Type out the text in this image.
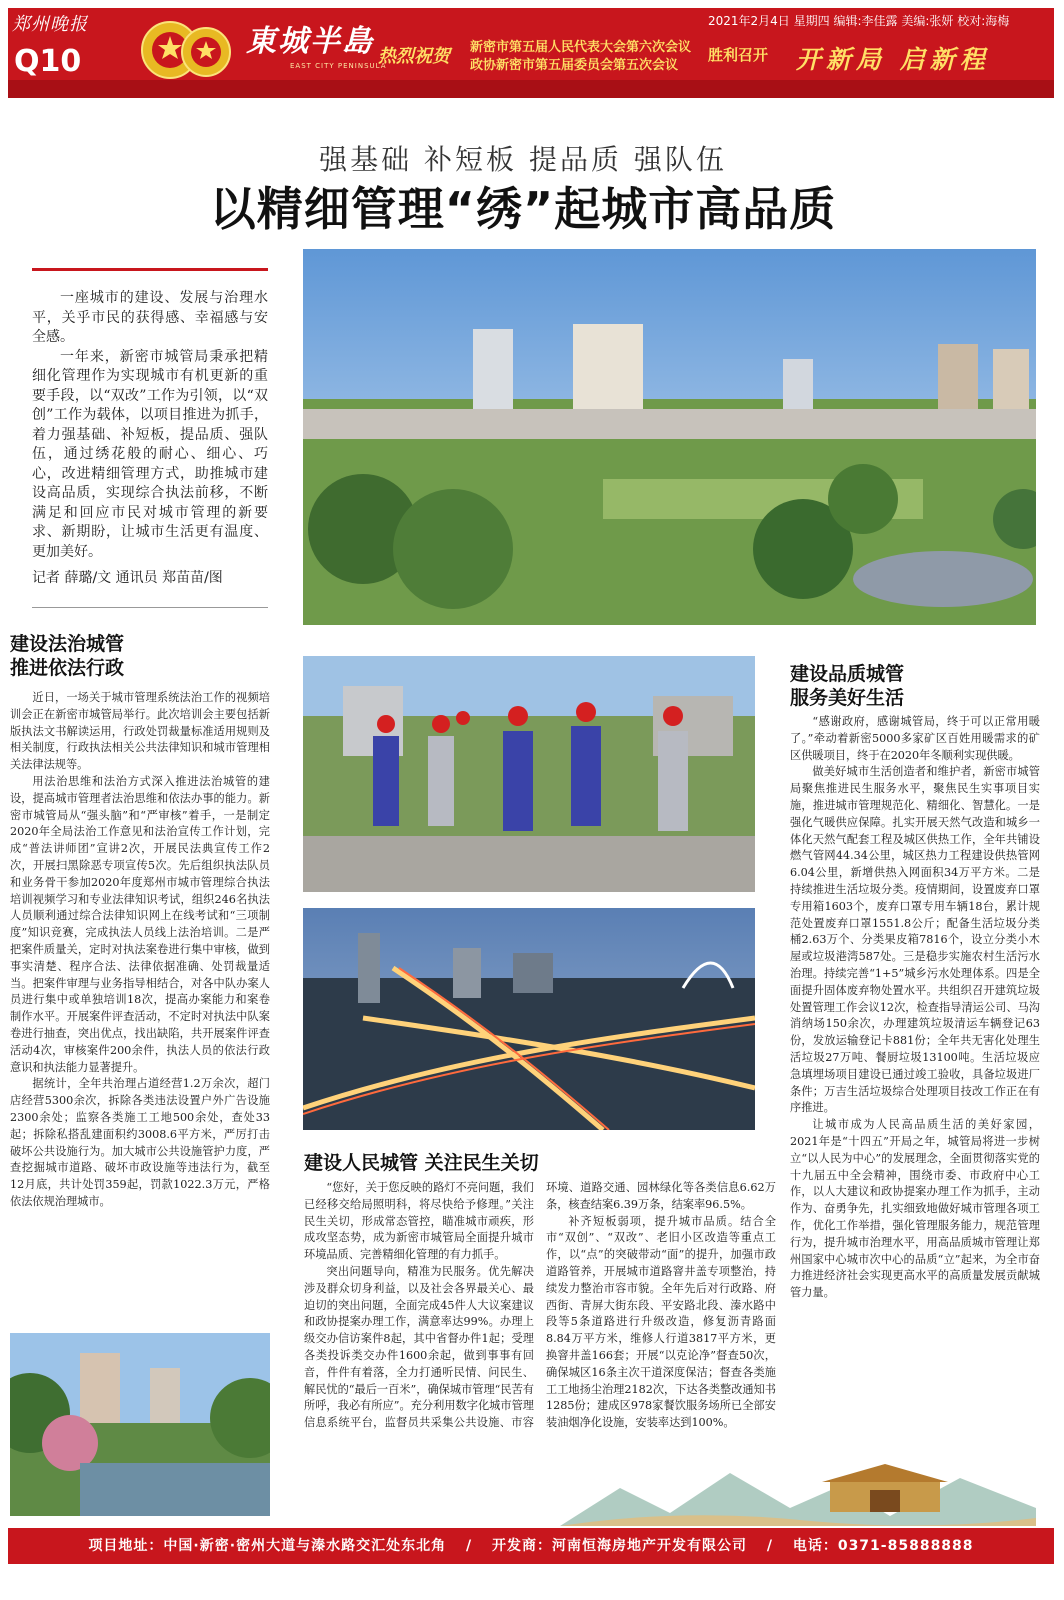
郑州晚报
Q10
東城半島
EAST CITY PENINSULA
热烈祝贺 新密市第五届人民代表大会第六次会议
政协新密市第五届委员会第五次会议
胜利召开 开新局 启新程
2021年2月4日 星期四 编辑:李佳露 美编:张妍 校对:海梅
强基础 补短板 提品质 强队伍
以精细管理“绣”起城市高品质

一座城市的建设、发展与治理水平，关乎市民的获得感、幸福感与安全感。

一年来，新密市城管局秉承把精细化管理作为实现城市有机更新的重要手段，以“双改”工作为引领，以“双创”工作为载体，以项目推进为抓手，着力强基础、补短板，提品质、强队伍，通过绣花般的耐心、细心、巧心，改进精细管理方式，助推城市建设高品质，实现综合执法前移，不断满足和回应市民对城市管理的新要求、新期盼，让城市生活更有温度、更加美好。

记者 薛璐/文 通讯员 郑苗苗/图
建设法治城管
推进依法行政

近日，一场关于城市管理系统法治工作的视频培训会正在新密市城管局举行。此次培训会主要包括新版执法文书解读运用，行政处罚裁量标准适用规则及相关制度，行政执法相关公共法律知识和城市管理相关法律法规等。

用法治思维和法治方式深入推进法治城管的建设，提高城市管理者法治思维和依法办事的能力。新密市城管局从“强头脑”和“严审核”着手，一是制定2020年全局法治工作意见和法治宣传工作计划，完成“普法讲师团”宣讲2次，开展民法典宣传工作2次，开展扫黑除恶专项宣传5次。先后组织执法队员和业务骨干参加2020年度郑州市城市管理综合执法培训视频学习和专业法律知识考试，组织246名执法人员顺利通过综合法律知识网上在线考试和“三项制度”知识竞赛，完成执法人员线上法治培训。二是严把案件质量关，定时对执法案卷进行集中审核，做到事实清楚、程序合法、法律依据准确、处罚裁量适当。把案件审理与业务指导相结合，对各中队办案人员进行集中或单独培训18次，提高办案能力和案卷制作水平。开展案件评查活动，不定时对执法中队案卷进行抽查，突出优点，找出缺陷，共开展案件评查活动4次，审核案件200余件，执法人员的依法行政意识和执法能力显著提升。

据统计，全年共治理占道经营1.2万余次，超门店经营5300余次，拆除各类违法设置户外广告设施2300余处；监察各类施工工地500余处，查处33起；拆除私搭乱建面积约3008.6平方米，严厉打击破坏公共设施行为。加大城市公共设施管护力度，严查挖掘城市道路、破坏市政设施等违法行为，截至12月底，共计处罚359起，罚款1022.3万元，严格依法依规治理城市。

建设品质城管
服务美好生活

“感谢政府，感谢城管局，终于可以正常用暖了。”牵动着新密5000多家矿区百姓用暖需求的矿区供暖项目，终于在2020年冬顺利实现供暖。

做美好城市生活创造者和维护者，新密市城管局聚焦推进民生服务水平，聚焦民生实事项目实施，推进城市管理规范化、精细化、智慧化。一是强化气暖供应保障。扎实开展天然气改造和城乡一体化天然气配套工程及城区供热工作，全年共铺设燃气管网44.34公里，城区热力工程建设供热管网6.04公里，新增供热入网面积34万平方米。二是持续推进生活垃圾分类。疫情期间，设置废弃口罩专用箱1603个，废弃口罩专用车辆18台，累计规范处置废弃口罩1551.8公斤；配备生活垃圾分类桶2.63万个、分类果皮箱7816个，设立分类小木屋或垃圾港湾587处。三是稳步实施农村生活污水治理。持续完善“1+5”城乡污水处理体系。四是全面提升固体废弃物处置水平。共组织召开建筑垃圾处置管理工作会议12次，检查指导清运公司、马沟消纳场150余次，办理建筑垃圾清运车辆登记63份，发放运输登记卡881份；全年共无害化处理生活垃圾27万吨、餐厨垃圾13100吨。生活垃圾应急填埋场项目建设已通过竣工验收，具备垃圾进厂条件；万吉生活垃圾综合处理项目技改工作正在有序推进。

让城市成为人民高品质生活的美好家园，2021年是“十四五”开局之年，城管局将进一步树立“以人民为中心”的发展理念，全面贯彻落实党的十九届五中全会精神，围绕市委、市政府中心工作，以人大建议和政协提案办理工作为抓手，主动作为、奋勇争先，扎实细致地做好城市管理各项工作，优化工作举措，强化管理服务能力，规范管理行为，提升城市治理水平，用高品质城市管理让郑州国家中心城市次中心的品质“立”起来，为全市奋力推进经济社会实现更高水平的高质量发展贡献城管力量。

建设人民城管 关注民生关切

“您好，关于您反映的路灯不亮问题，我们已经移交给局照明科，将尽快给予修理。”关注民生关切，形成常态管控，瞄准城市顽疾，形成攻坚态势，成为新密市城管局全面提升城市环境品质、完善精细化管理的有力抓手。

突出问题导向，精准为民服务。优先解决涉及群众切身利益，以及社会各界最关心、最迫切的突出问题，全面完成45件人大议案建议和政协提案办理工作，满意率达99%。办理上级交办信访案件8起，其中省督办件1起；受理各类投诉类交办件1600余起，做到事事有回音，件件有着落，全力打通听民情、问民生、解民忧的“最后一百米”，确保城市管理“民苦有所呼，我必有所应”。充分利用数字化城市管理信息系统平台，监督员共采集公共设施、市容环境、道路交通、园林绿化等各类信息6.62万条，核查结案6.39万条，结案率96.5%。

补齐短板弱项，提升城市品质。结合全市“双创”、“双改”、老旧小区改造等重点工作，以“点”的突破带动“面”的提升，加强市政道路管养，开展城市道路窨井盖专项整治，持续发力整治市容市貌。全年先后对行政路、府西街、青屏大街东段、平安路北段、溱水路中段等5条道路进行升级改造，修复沥青路面8.84万平方米，维修人行道3817平方米，更换窨井盖166套；开展“以克论净”督查50次，确保城区16条主次干道深度保洁；督查各类施工工地扬尘治理2182次，下达各类整改通知书1285份；建成区978家餐饮服务场所已全部安装油烟净化设施，安装率达到100%。

项目地址：中国·新密·密州大道与溱水路交汇处东北角 / 开发商：河南恒海房地产开发有限公司 / 电话：0371-85888888
